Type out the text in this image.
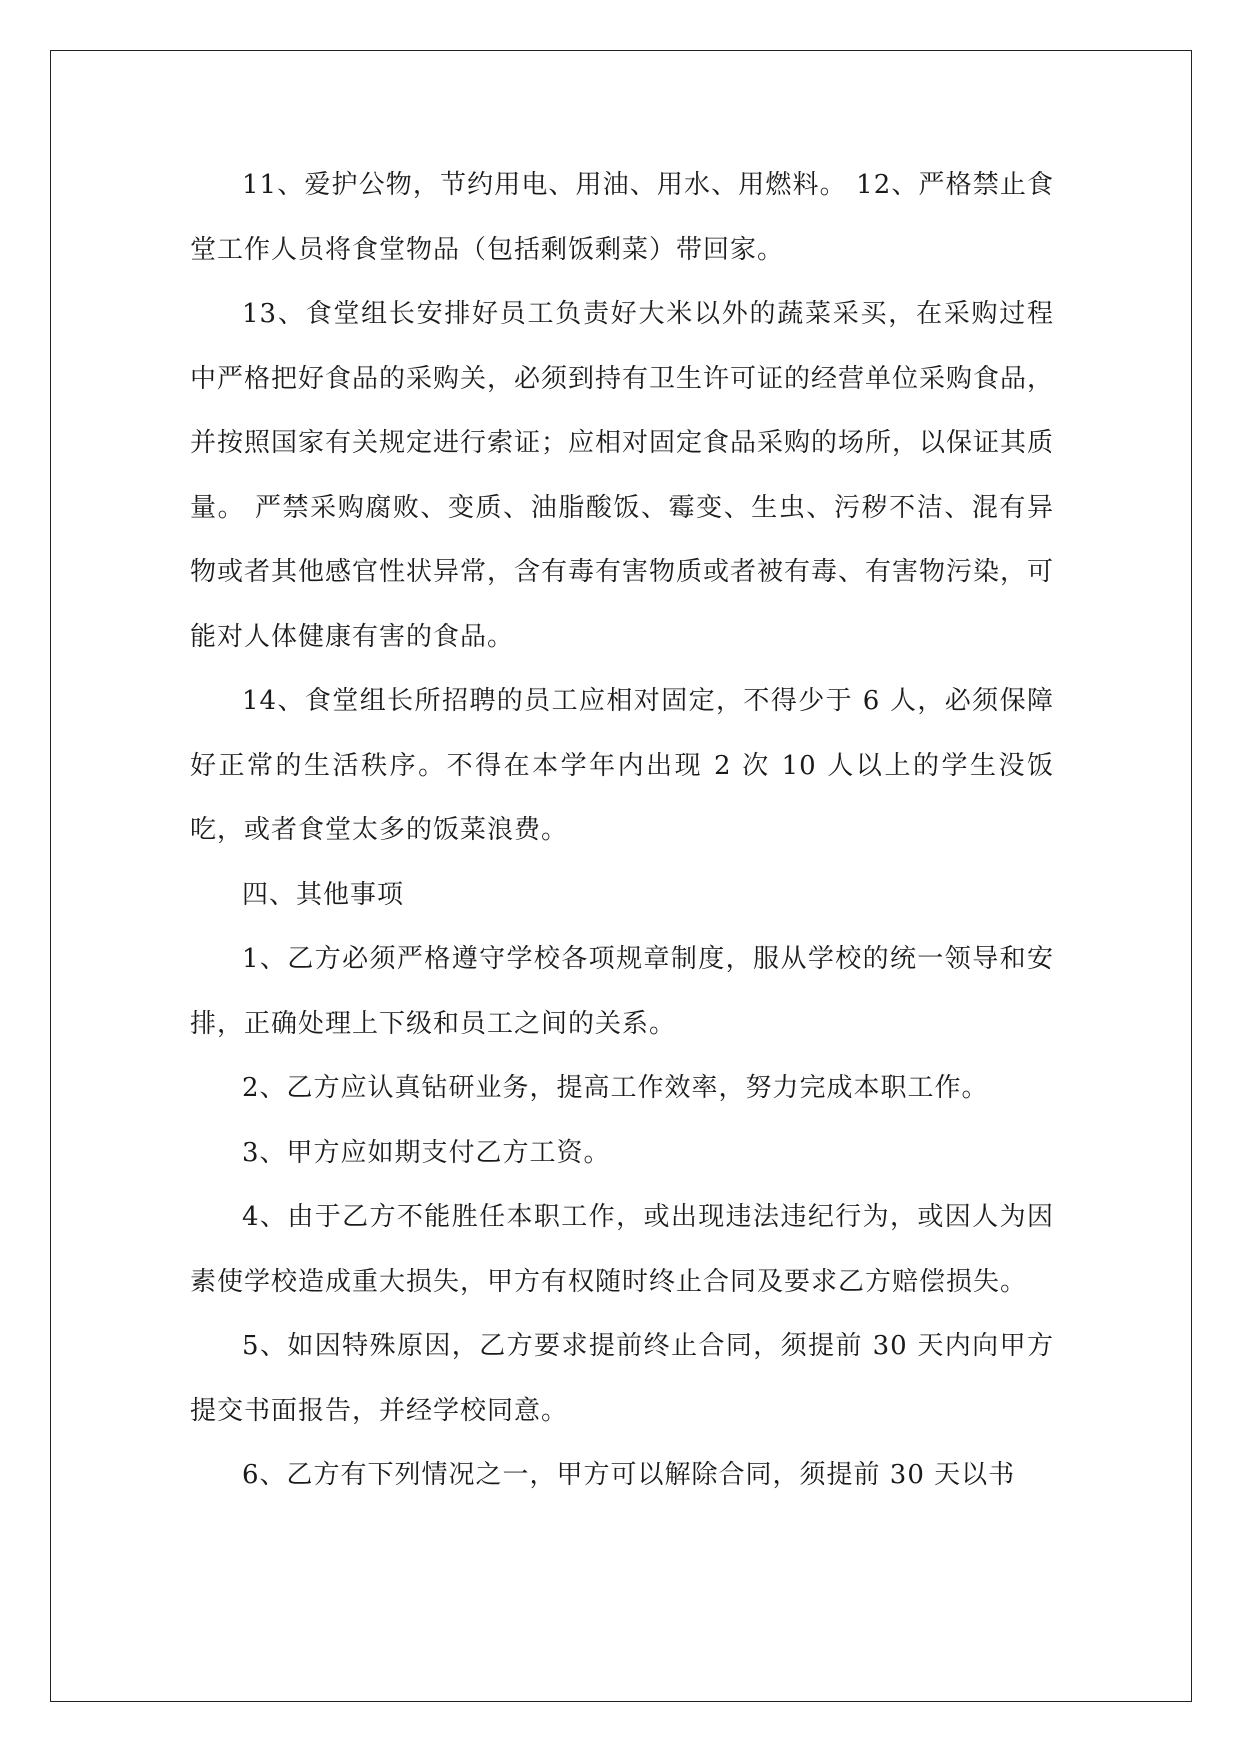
11、爱护公物，节约用电、用油、用水、用燃料。 12、严格禁止食堂工作人员将食堂物品（包括剩饭剩菜）带回家。

13、食堂组长安排好员工负责好大米以外的蔬菜采买，在采购过程中严格把好食品的采购关，必须到持有卫生许可证的经营单位采购食品，并按照国家有关规定进行索证；应相对固定食品采购的场所，以保证其质量。 严禁采购腐败、变质、油脂酸饭、霉变、生虫、污秽不洁、混有异物或者其他感官性状异常，含有毒有害物质或者被有毒、有害物污染，可能对人体健康有害的食品。

14、食堂组长所招聘的员工应相对固定，不得少于 6 人，必须保障好正常的生活秩序。不得在本学年内出现 2 次 10 人以上的学生没饭吃，或者食堂太多的饭菜浪费。

四、其他事项

1、乙方必须严格遵守学校各项规章制度，服从学校的统一领导和安排，正确处理上下级和员工之间的关系。

2、乙方应认真钻研业务，提高工作效率，努力完成本职工作。

3、甲方应如期支付乙方工资。

4、由于乙方不能胜任本职工作，或出现违法违纪行为，或因人为因素使学校造成重大损失，甲方有权随时终止合同及要求乙方赔偿损失。

5、如因特殊原因，乙方要求提前终止合同，须提前 30 天内向甲方提交书面报告，并经学校同意。

6、乙方有下列情况之一，甲方可以解除合同，须提前 30 天以书
